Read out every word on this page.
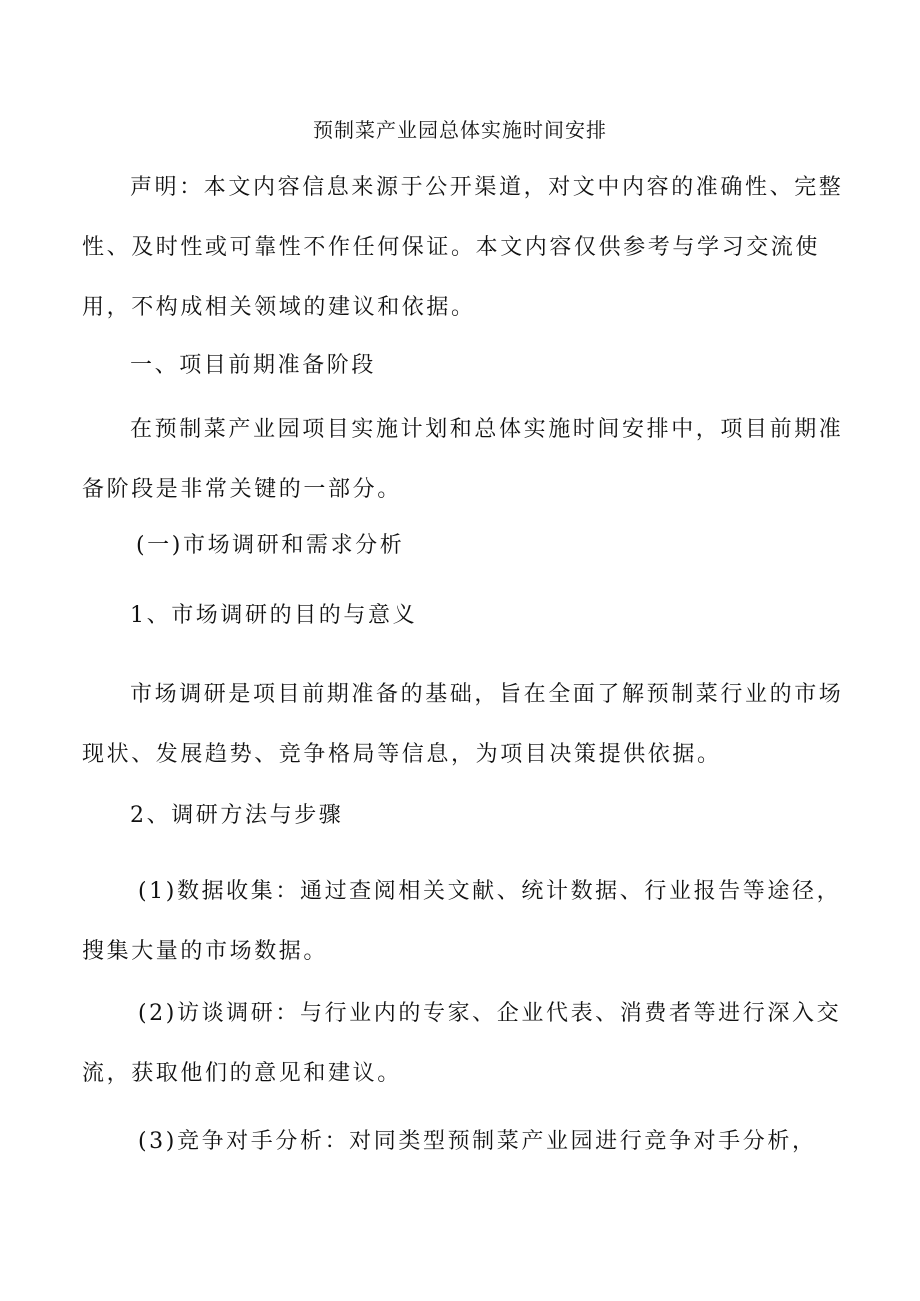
预制菜产业园总体实施时间安排
声明：本文内容信息来源于公开渠道，对文中内容的准确性、完整性、及时性或可靠性不作任何保证。本文内容仅供参考与学习交流使用，不构成相关领域的建议和依据。
一、项目前期准备阶段
在预制菜产业园项目实施计划和总体实施时间安排中，项目前期准备阶段是非常关键的一部分。
(一)市场调研和需求分析
1、市场调研的目的与意义
市场调研是项目前期准备的基础，旨在全面了解预制菜行业的市场现状、发展趋势、竞争格局等信息，为项目决策提供依据。
2、调研方法与步骤
(1)数据收集：通过查阅相关文献、统计数据、行业报告等途径，搜集大量的市场数据。
(2)访谈调研：与行业内的专家、企业代表、消费者等进行深入交流，获取他们的意见和建议。
(3)竞争对手分析：对同类型预制菜产业园进行竞争对手分析，
